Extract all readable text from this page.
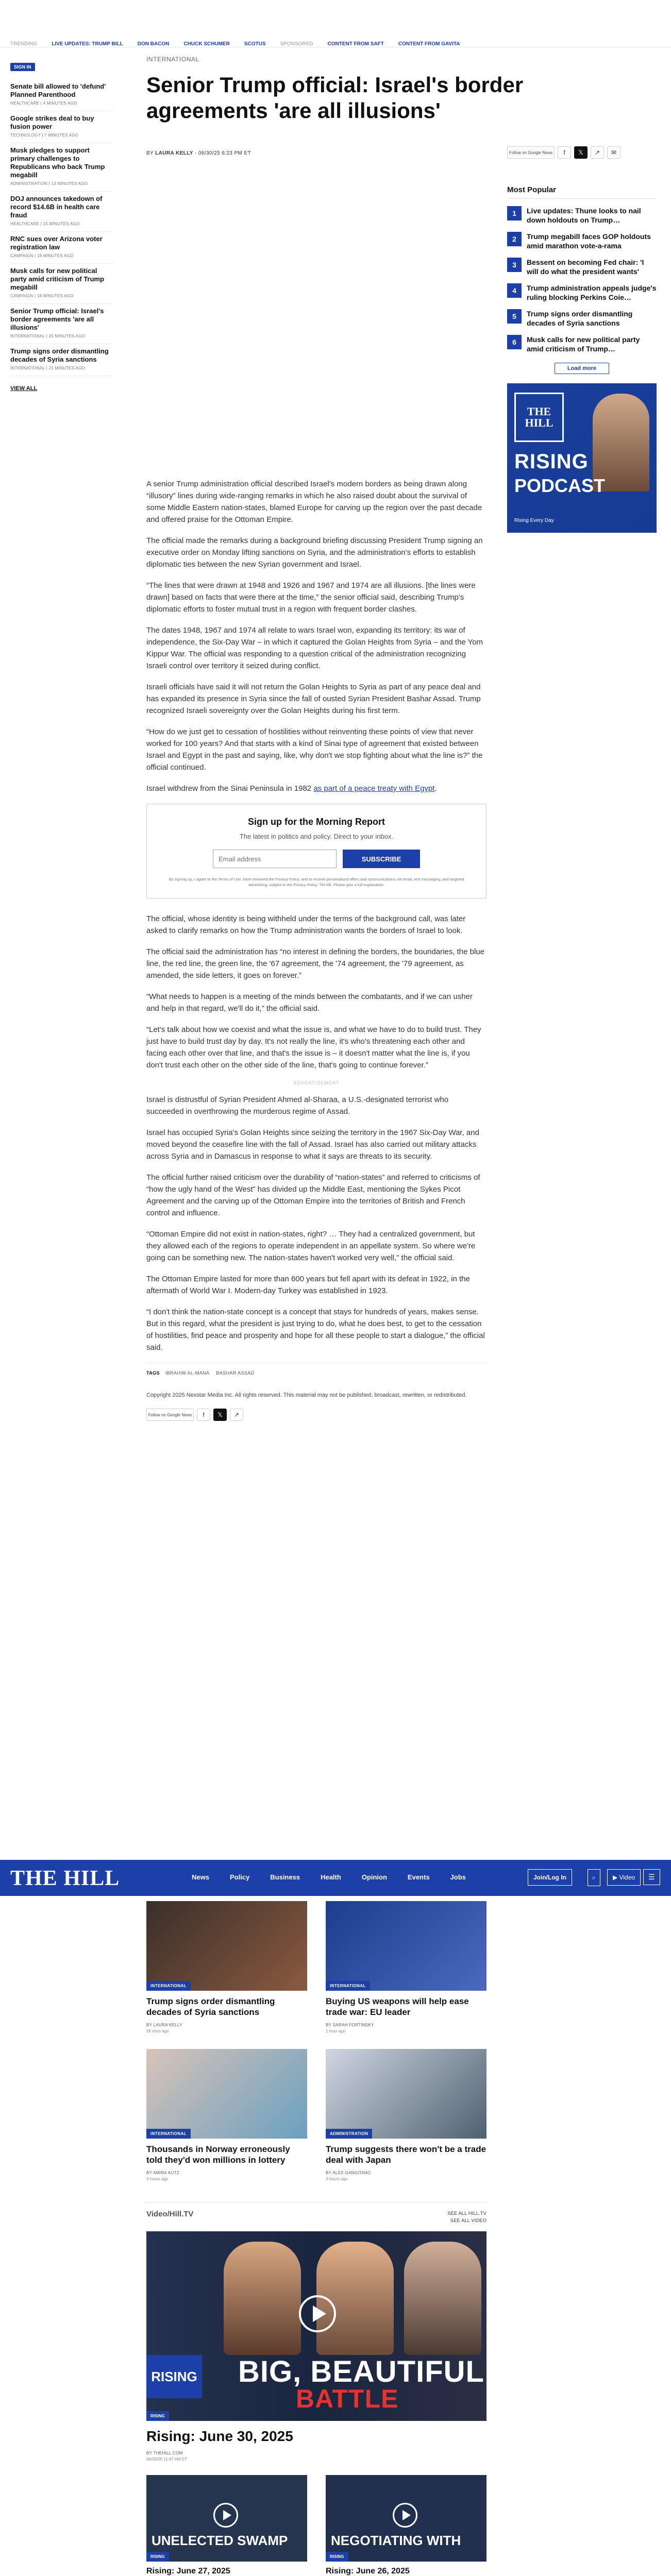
TRENDING	LIVE UPDATES: TRUMP BILL	DON BACON	CHUCK SCHUMER	SCOTUS	SPONSORED	CONTENT FROM SAFT	CONTENT FROM GAVITA
SIGN IN
Senate bill allowed to 'defund' Planned Parenthood
HEALTHCARE | 4 MINUTES AGO
Google strikes deal to buy fusion power
TECHNOLOGY | 7 MINUTES AGO
Musk pledges to support primary challenges to Republicans who back Trump megabill
ADMINISTRATION | 13 MINUTES AGO
DOJ announces takedown of record $14.6B in health care fraud
HEALTHCARE | 15 MINUTES AGO
RNC sues over Arizona voter registration law
CAMPAIGN | 18 MINUTES AGO
Musk calls for new political party amid criticism of Trump megabill
CAMPAIGN | 18 MINUTES AGO
Senior Trump official: Israel's border agreements 'are all illusions'
INTERNATIONAL | 20 MINUTES AGO
Trump signs order dismantling decades of Syria sanctions
INTERNATIONAL | 21 MINUTES AGO
VIEW ALL
INTERNATIONAL
Senior Trump official: Israel's border agreements 'are all illusions'
BY LAURA KELLY - 06/30/25 6:23 PM ET	Follow on Google News	f	𝕏	↗	✉
Most Popular
1	Live updates: Thune looks to nail down holdouts on Trump…
2	Trump megabill faces GOP holdouts amid marathon vote-a-rama
3	Bessent on becoming Fed chair: 'I will do what the president wants'
4	Trump administration appeals judge's ruling blocking Perkins Coie…
5	Trump signs order dismantling decades of Syria sanctions
6	Musk calls for new political party amid criticism of Trump…
Load more
THE
HILL
RISING
PODCAST
Rising Every Day

A senior Trump administration official described Israel's modern borders as being drawn along “illusory” lines during wide-ranging remarks in which he also raised doubt about the survival of some Middle Eastern nation-states, blamed Europe for carving up the region over the past decade and offered praise for the Ottoman Empire.

The official made the remarks during a background briefing discussing President Trump signing an executive order on Monday lifting sanctions on Syria, and the administration's efforts to establish diplomatic ties between the new Syrian government and Israel.

“The lines that were drawn at 1948 and 1926 and 1967 and 1974 are all illusions. [the lines were drawn] based on facts that were there at the time,” the senior official said, describing Trump's diplomatic efforts to foster mutual trust in a region with frequent border clashes.

The dates 1948, 1967 and 1974 all relate to wars Israel won, expanding its territory: its war of independence, the Six-Day War – in which it captured the Golan Heights from Syria – and the Yom Kippur War. The official was responding to a question critical of the administration recognizing Israeli control over territory it seized during conflict.

Israeli officials have said it will not return the Golan Heights to Syria as part of any peace deal and has expanded its presence in Syria since the fall of ousted Syrian President Bashar Assad. Trump recognized Israeli sovereignty over the Golan Heights during his first term.

“How do we just get to cessation of hostilities without reinventing these points of view that never worked for 100 years? And that starts with a kind of Sinai type of agreement that existed between Israel and Egypt in the past and saying, like, why don't we stop fighting about what the line is?” the official continued.

Israel withdrew from the Sinai Peninsula in 1982 as part of a peace treaty with Egypt.

Sign up for the Morning Report
The latest in politics and policy. Direct to your inbox.
Email address
SUBSCRIBE
By signing up, I agree to the Terms of Use, have reviewed the Privacy Policy, and to receive personalized offers and communications via email, text messaging, and targeted advertising, subject to the Privacy Policy. TM Hill. Please give a full explanation.

The official, whose identity is being withheld under the terms of the background call, was later asked to clarify remarks on how the Trump administration wants the borders of Israel to look.

The official said the administration has “no interest in defining the borders, the boundaries, the blue line, the red line, the green line, the '67 agreement, the '74 agreement, the '79 agreement, as amended, the side letters, it goes on forever.”

“What needs to happen is a meeting of the minds between the combatants, and if we can usher and help in that regard, we'll do it,” the official said.

“Let's talk about how we coexist and what the issue is, and what we have to do to build trust. They just have to build trust day by day. It's not really the line, it's who's threatening each other and facing each other over that line, and that's the issue is – it doesn't matter what the line is, if you don't trust each other on the other side of the line, that's going to continue forever.”

ADVERTISEMENT

Israel is distrustful of Syrian President Ahmed al-Sharaa, a U.S.-designated terrorist who succeeded in overthrowing the murderous regime of Assad.

Israel has occupied Syria's Golan Heights since seizing the territory in the 1967 Six-Day War, and moved beyond the ceasefire line with the fall of Assad. Israel has also carried out military attacks across Syria and in Damascus in response to what it says are threats to its security.

The official further raised criticism over the durability of “nation-states” and referred to criticisms of “how the ugly hand of the West” has divided up the Middle East, mentioning the Sykes Picot Agreement and the carving up of the Ottoman Empire into the territories of British and French control and influence.

“Ottoman Empire did not exist in nation-states, right? … They had a centralized government, but they allowed each of the regions to operate independent in an appellate system. So where we're going can be something new. The nation-states haven't worked very well,” the official said.

The Ottoman Empire lasted for more than 600 years but fell apart with its defeat in 1922, in the aftermath of World War I. Modern-day Turkey was established in 1923.

“I don't think the nation-state concept is a concept that stays for hundreds of years, makes sense. But in this regard, what the president is just trying to do, what he does best, to get to the cessation of hostilities, find peace and prosperity and hope for all these people to start a dialogue,” the official said.

TAGS IBRAHIM AL-MANA BASHAR ASSAD
Copyright 2025 Nexstar Media Inc. All rights reserved. This material may not be published, broadcast, rewritten, or redistributed.
Follow on Google News	f	𝕏	↗
THE HILL	News	Policy	Business	Health	Opinion	Events	Jobs	Join/Log In	⌕	▶ Video	☰
INTERNATIONAL
Trump signs order dismantling decades of Syria sanctions
BY LAURA KELLY
56 mins ago
INTERNATIONAL
Buying US weapons will help ease trade war: EU leader
BY SARAH FORTINSKY
1 hour ago
INTERNATIONAL
Thousands in Norway erroneously told they'd won millions in lottery
BY AMIRA KUTZ
3 hours ago
ADMINISTRATION
Trump suggests there won't be a trade deal with Japan
BY ALEX GANGITANO
3 hours ago
Video/Hill.TV	SEE ALL HILL.TV
SEE ALL VIDEO
RISING BIG, BEAUTIFUL
BATTLE
RISING
Rising: June 30, 2025
BY THEHILL.COM
06/30/25 11:47 AM ET
UNELECTED SWAMP
RISING
Rising: June 27, 2025
NEGOTIATING WITH
RISING
Rising: June 26, 2025
